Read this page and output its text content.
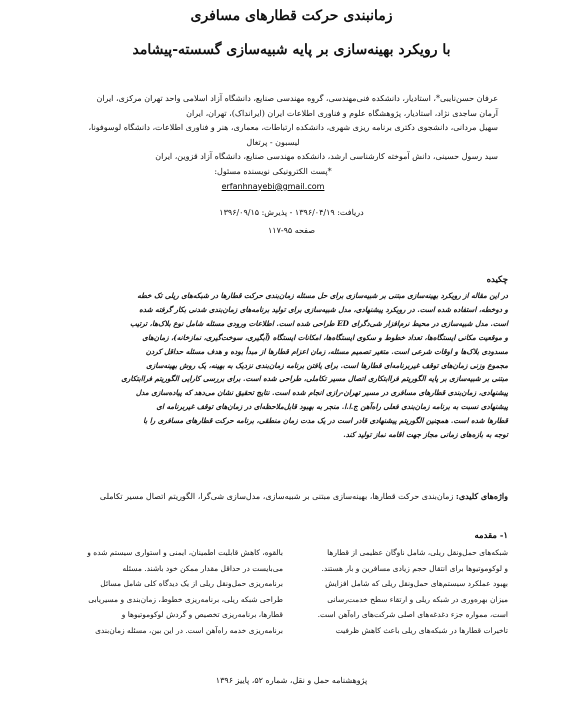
زمانبندی حرکت قطارهای مسافری
با رویکرد بهینه‌سازی بر پایه شبیه‌سازی گسسته-پیشامد
عرفان حسن‌نایبی*، استادیار، دانشکده فنی‌مهندسی، گروه مهندسی صنایع، دانشگاه آزاد اسلامی واحد تهران مرکزی، ایران
آرمان ساجدی نژاد، استادیار، پژوهشگاه علوم و فناوری اطلاعات ایران (ایرانداک)، تهران، ایران
سهیل مردانی، دانشجوی دکتری برنامه ریزی شهری، دانشکده ارتباطات، معماری، هنر و فناوری اطلاعات، دانشگاه لوسوفونا،
لیسبون - پرتغال
سید رسول حسینی، دانش آموخته کارشناسی ارشد، دانشکده مهندسی صنایع، دانشگاه آزاد قزوین، ایران
*پست الکترونیکی نویسنده مسئول:
erfanhnayebi@gmail.com
دریافت: ۱۳۹۶/۰۴/۱۹ - پذیرش: ۱۳۹۶/۰۹/۱۵
صفحه ۹۵-۱۱۷
چکیده
در این مقاله از رویکرد بهینه‌سازی مبتنی بر شبیه‌سازی برای حل مسئله زمان‌بندی حرکت قطارها در شبکه‌های ریلی تک خطه
و دوخطه، استفاده شده است. در رویکرد پیشنهادی، مدل شبیه‌سازی برای تولید برنامه‌های زمان‌بندی شدنی بکار گرفته شده
است. مدل شبیه‌سازی در محیط نرم‌افزار شی‌دگرای ED طراحی شده است. اطلاعات ورودی مسئله شامل نوع بلاک‌ها، ترتیب
و موقعیت مکانی ایستگاه‌ها، تعداد خطوط و سکوی ایستگاه‌ها، امکانات ایستگاه (آبگیری، سوخت‌گیری، نماز‌خانه)، زمان‌های
مسدودی بلاک‌ها و اوقات شرعی است. متغیر تصمیم مسئله، زمان اعزام قطارها از مبدأ بوده و هدف مسئله حداقل کردن
مجموع وزنی زمان‌های توقف غیربرنامه‌ای قطارها است. برای یافتن برنامه زمان‌بندی نزدیک به بهینه، یک روش بهینه‌سازی
مبتنی بر شبیه‌سازی بر پایه الگوریتم فراابتکاری اتصال مسیر تکاملی، طراحی شده است. برای بررسی کارایی الگوریتم فراابتکاری
پیشنهادی، زمان‌بندی قطارهای مسافری در مسیر تهران-رازی انجام شده است. نتایج تحقیق نشان می‌دهد که پیاده‌سازی مدل
پیشنهادی نسبت به برنامه زمان‌بندی فعلی راه‌آهن ج.ا.ا. منجر به بهبود قابل‌ملاحظه‌ای در زمان‌های توقف غیربرنامه ای
قطارها شده است. همچنین الگوریتم پیشنهادی قادر است در یک مدت زمان منطقی، برنامه حرکت قطارهای مسافری را با
توجه به بازه‌های زمانی مجاز جهت اقامه نماز تولید کند.
واژه‌های کلیدی: زمان‌بندی حرکت قطارها، بهینه‌سازی مبتنی بر شبیه‌سازی، مدل‌سازی شی‌گرا، الگوریتم اتصال مسیر تکاملی
۱- مقدمه
شبکه‌های حمل‌ونقل ریلی، شامل ناوگان عظیمی از قطارها
و لوکوموتیوها برای انتقال حجم زیادی مسافرین و بار هستند.
بهبود عملکرد سیستم‌های حمل‌ونقل ریلی که شامل افزایش
میزان بهره‌وری در شبکه ریلی و ارتقاء سطح خدمت‌رسانی
است، ممواره جزء دغدغه‌های اصلی شرکت‌های راه‌آهن است.
تاخیرات قطارها در شبکه‌های ریلی باعث کاهش ظرفیت
بالقوه، کاهش قابلیت اطمینان، ایمنی و استواری سیستم شده و
می‌بایست در حداقل مقدار ممکن خود باشند. مسئله
برنامه‌ریزی حمل‌ونقل ریلی از یک دیدگاه کلی شامل مسائل
طراحی شبکه ریلی، برنامه‌ریزی خطوط، زمان‌بندی و مسیریابی
قطارها، برنامه‌ریزی تخصیص و گردش لوکوموتیوها و
برنامه‌ریزی خدمه راه‌آهن است. در این بین، مسئله زمان‌بندی
پژوهشنامه حمل و نقل، شماره ۵۲، پاییز ۱۳۹۶
